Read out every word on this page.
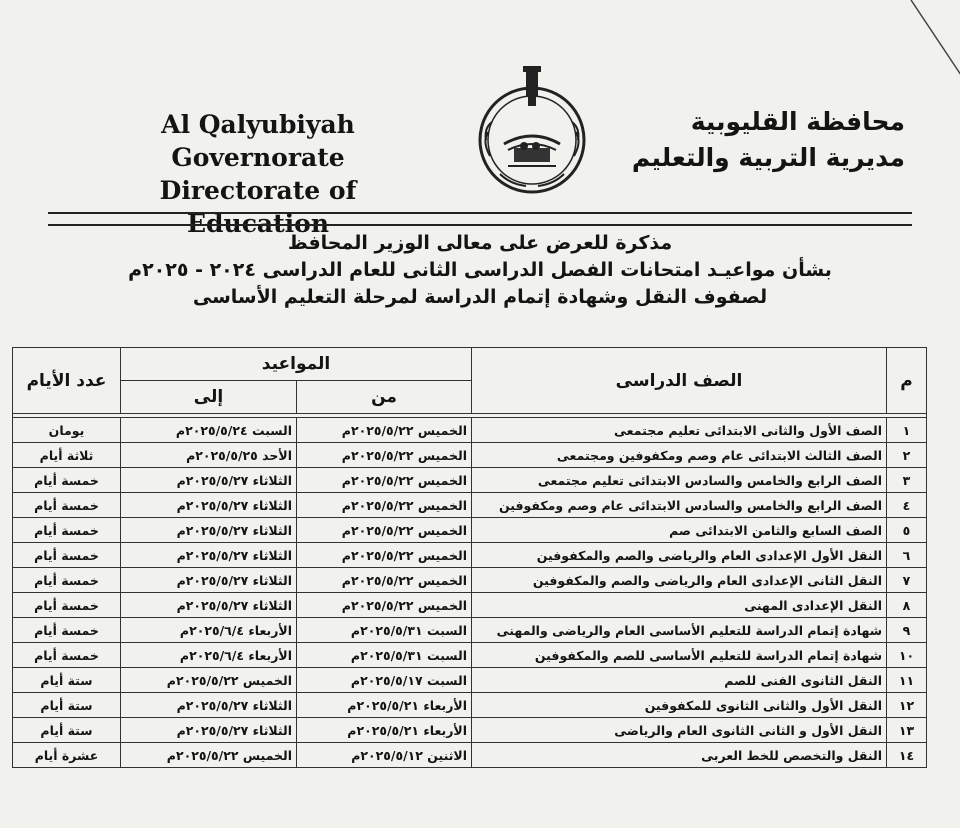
Al Qalyubiyah Governorate
Directorate of Education
محافظة القليوبية
مديرية التربية والتعليم
مذكرة للعرض على معالى الوزير المحافظ
بشأن مواعيـد امتحانات الفصل الدراسى الثانى للعام الدراسى ٢٠٢٤ - ٢٠٢٥م
لصفوف النقل وشهادة إتمام الدراسة لمرحلة التعليم الأساسى
م	الصف الدراسى	المواعيد		عدد الأيام
		من	إلى	

١	الصف الأول والثانى الابتدائى تعليم مجتمعى	الخميس ٢٠٢٥/٥/٢٢م	السبت ٢٠٢٥/٥/٢٤م	يومان
٢	الصف الثالث الابتدائى عام وصم ومكفوفين ومجتمعى	الخميس ٢٠٢٥/٥/٢٢م	الأحد ٢٠٢٥/٥/٢٥م	ثلاثة أيام
٣	الصف الرابع والخامس والسادس الابتدائى تعليم مجتمعى	الخميس ٢٠٢٥/٥/٢٢م	الثلاثاء ٢٠٢٥/٥/٢٧م	خمسة أيام
٤	الصف الرابع والخامس والسادس الابتدائى عام وصم ومكفوفين	الخميس ٢٠٢٥/٥/٢٢م	الثلاثاء ٢٠٢٥/٥/٢٧م	خمسة أيام
٥	الصف السابع والثامن الابتدائى صم	الخميس ٢٠٢٥/٥/٢٢م	الثلاثاء ٢٠٢٥/٥/٢٧م	خمسة أيام
٦	النقل الأول الإعدادى العام والرياضى والصم والمكفوفين	الخميس ٢٠٢٥/٥/٢٢م	الثلاثاء ٢٠٢٥/٥/٢٧م	خمسة أيام
٧	النقل الثانى الإعدادى العام والرياضى والصم والمكفوفين	الخميس ٢٠٢٥/٥/٢٢م	الثلاثاء ٢٠٢٥/٥/٢٧م	خمسة أيام
٨	النقل الإعدادى المهنى	الخميس ٢٠٢٥/٥/٢٢م	الثلاثاء ٢٠٢٥/٥/٢٧م	خمسة أيام
٩	شهادة إتمام الدراسة للتعليم الأساسى العام والرياضى والمهنى	السبت ٢٠٢٥/٥/٣١م	الأربعاء ٢٠٢٥/٦/٤م	خمسة أيام
١٠	شهادة إتمام الدراسة للتعليم الأساسى للصم والمكفوفين	السبت ٢٠٢٥/٥/٣١م	الأربعاء ٢٠٢٥/٦/٤م	خمسة أيام
١١	النقل الثانوى الفنى للصم	السبت ٢٠٢٥/٥/١٧م	الخميس ٢٠٢٥/٥/٢٢م	ستة أيام
١٢	النقل الأول والثانى الثانوى للمكفوفين	الأربعاء ٢٠٢٥/٥/٢١م	الثلاثاء ٢٠٢٥/٥/٢٧م	ستة أيام
١٣	النقل الأول و الثانى الثانوى العام والرياضى	الأربعاء ٢٠٢٥/٥/٢١م	الثلاثاء ٢٠٢٥/٥/٢٧م	ستة أيام
١٤	النقل والتخصص للخط العربى	الاثنين ٢٠٢٥/٥/١٢م	الخميس ٢٠٢٥/٥/٢٢م	عشرة أيام
